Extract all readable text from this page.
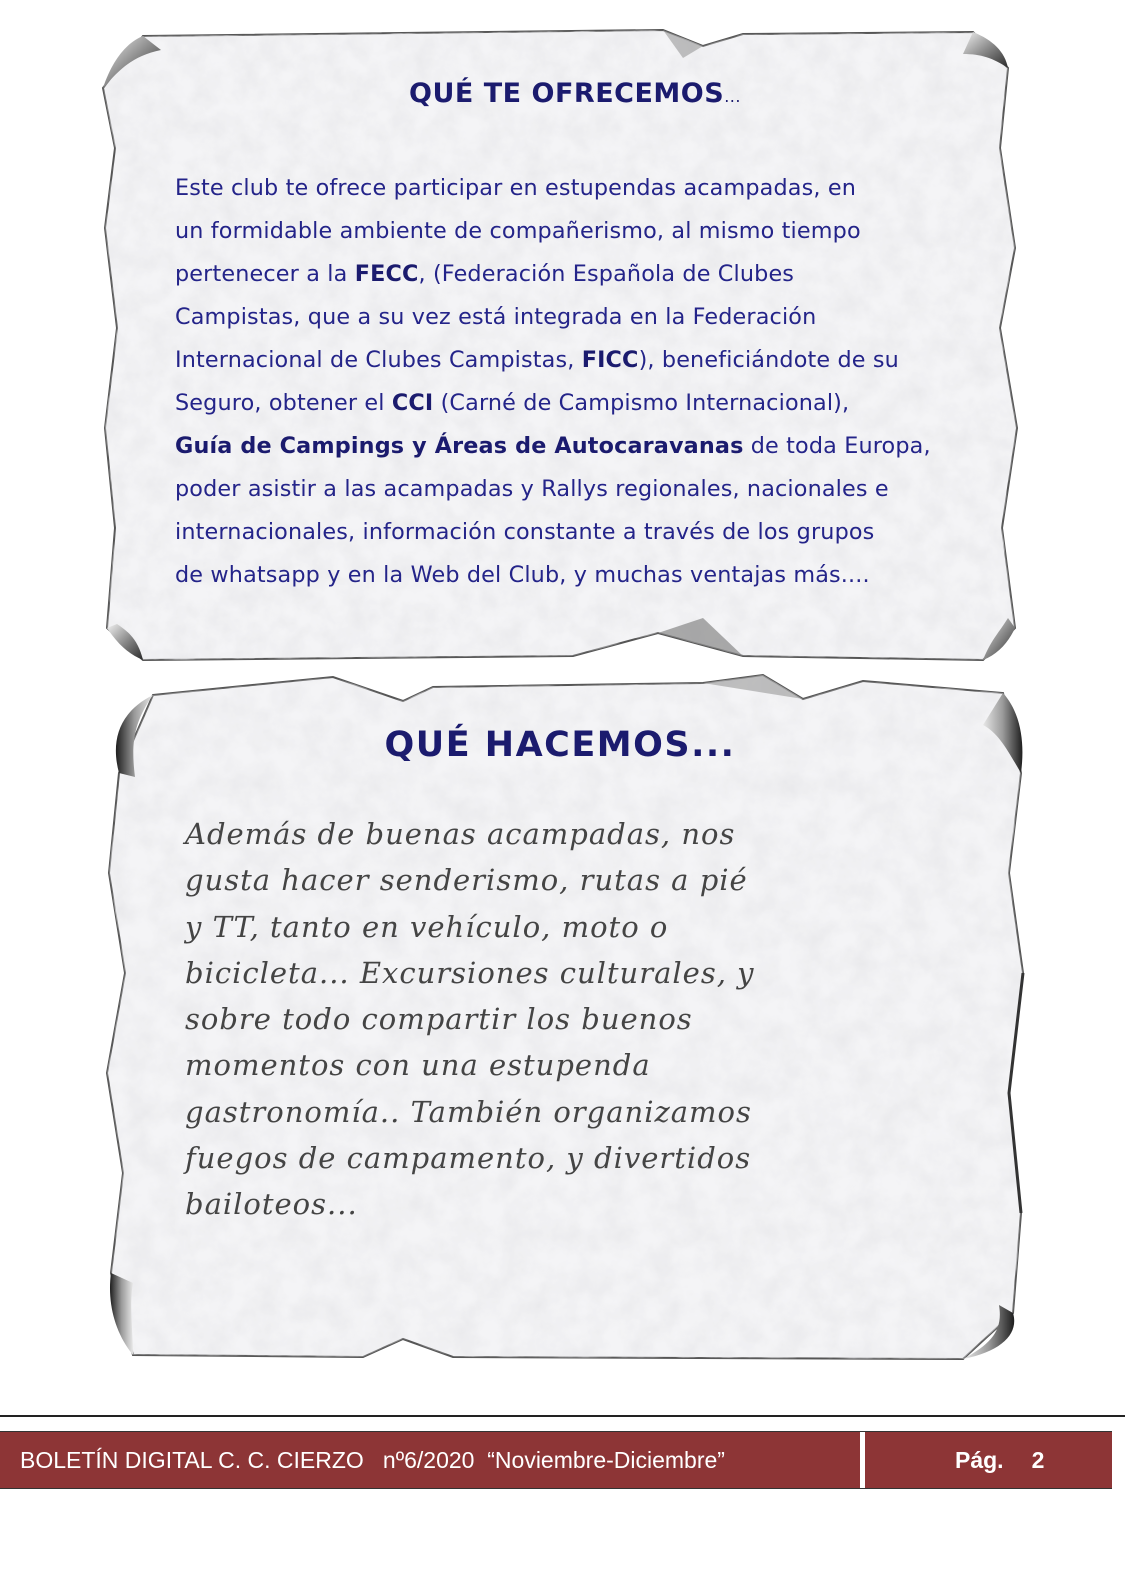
QUÉ TE OFRECEMOS...

Este club te ofrece participar en estupendas acampadas, en
un formidable ambiente de compañerismo, al mismo tiempo
pertenecer a la FECC, (Federación Española de Clubes
Campistas, que a su vez está integrada en la Federación
Internacional de Clubes Campistas, FICC), beneficiándote de su
Seguro, obtener el CCI (Carné de Campismo Internacional),
Guía de Campings y Áreas de Autocaravanas de toda Europa,
poder asistir a las acampadas y Rallys regionales, nacionales e
internacionales, información constante a través de los grupos
de whatsapp y en la Web del Club, y muchas ventajas más....

QUÉ HACEMOS...

Además de buenas acampadas, nos
gusta hacer senderismo, rutas a pié
y TT, tanto en vehículo, moto o
bicicleta... Excursiones culturales, y
sobre todo compartir los buenos
momentos con una estupenda
gastronomía.. También organizamos
fuegos de campamento, y divertidos
bailoteos...

BOLETÍN DIGITAL C. C. CIERZO   nº6/2020  “Noviembre-Diciembre”	Pág. 2
